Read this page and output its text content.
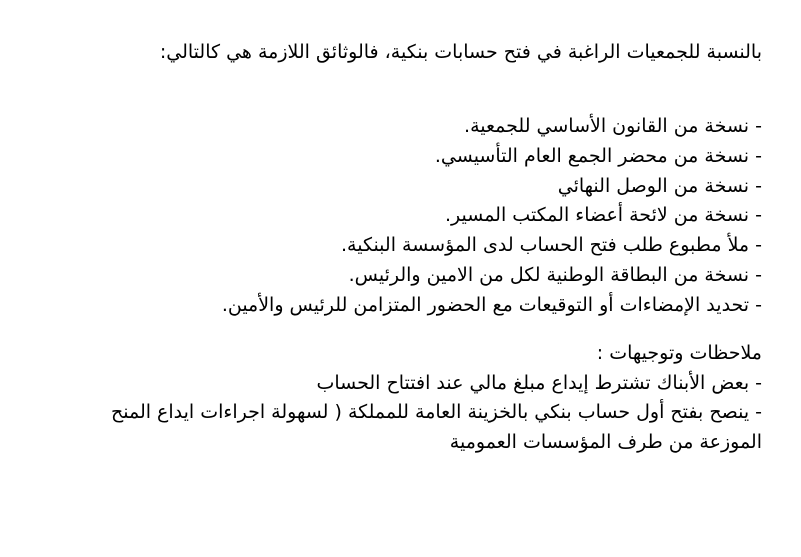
بالنسبة للجمعيات الراغبة في فتح حسابات بنكية، فالوثائق اللازمة هي كالتالي:
- نسخة من القانون الأساسي للجمعية.
- نسخة من محضر الجمع العام التأسيسي.
- نسخة من الوصل النهائي
- نسخة من لائحة أعضاء المكتب المسير.
- ملأ مطبوع طلب فتح الحساب لدى المؤسسة البنكية.
- نسخة من البطاقة الوطنية لكل من الامين والرئيس.
- تحديد الإمضاءات أو التوقيعات مع الحضور المتزامن للرئيس والأمين.
ملاحظات وتوجيهات :
- بعض الأبناك تشترط إيداع مبلغ مالي عند افتتاح الحساب
- ينصح بفتح أول حساب بنكي بالخزينة العامة للمملكة ( لسهولة اجراءات ايداع المنح
الموزعة من طرف المؤسسات العمومية
